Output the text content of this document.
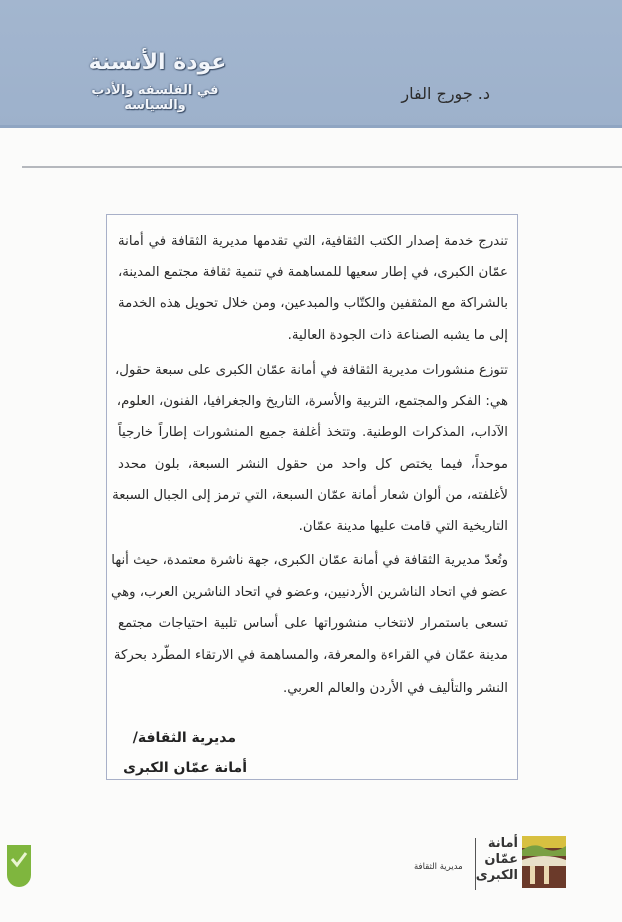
عودة الأنسنة
في الفلسفه والأدب والسياسه
د. جورج الفار
تندرج خدمة إصدار الكتب الثقافية، التي تقدمها مديرية الثقافة في أمانة
عمّان الكبرى، في إطار سعيها للمساهمة في تنمية ثقافة مجتمع المدينة،
بالشراكة مع المثقفين والكتّاب والمبدعين، ومن خلال تحويل هذه الخدمة
إلى ما يشبه الصناعة ذات الجودة العالية.
تتوزع منشورات مديرية الثقافة في أمانة عمّان الكبرى على سبعة حقول،
هي: الفكر والمجتمع، التربية والأسرة، التاريخ والجغرافيا، الفنون، العلوم،
الآداب، المذكرات الوطنية. وتتخذ أغلفة جميع المنشورات إطاراً خارجياً
موحداً، فيما يختص كل واحد من حقول النشر السبعة، بلون محدد
لأغلفته، من ألوان شعار أمانة عمّان السبعة، التي ترمز إلى الجبال السبعة
التاريخية التي قامت عليها مدينة عمّان.
وتُعدّ مديرية الثقافة في أمانة عمّان الكبرى، جهة ناشرة معتمدة، حيث أنها
عضو في اتحاد الناشرين الأردنيين، وعضو في اتحاد الناشرين العرب، وهي
تسعى باستمرار لانتخاب منشوراتها على أساس تلبية احتياجات مجتمع
مدينة عمّان في القراءة والمعرفة، والمساهمة في الارتقاء المطّرد بحركة
النشر والتأليف في الأردن والعالم العربي.
مديرية الثقافة/
أمانة عمّان الكبرى
أمانة
عمّان
الكبرى
مديرية الثقافة
